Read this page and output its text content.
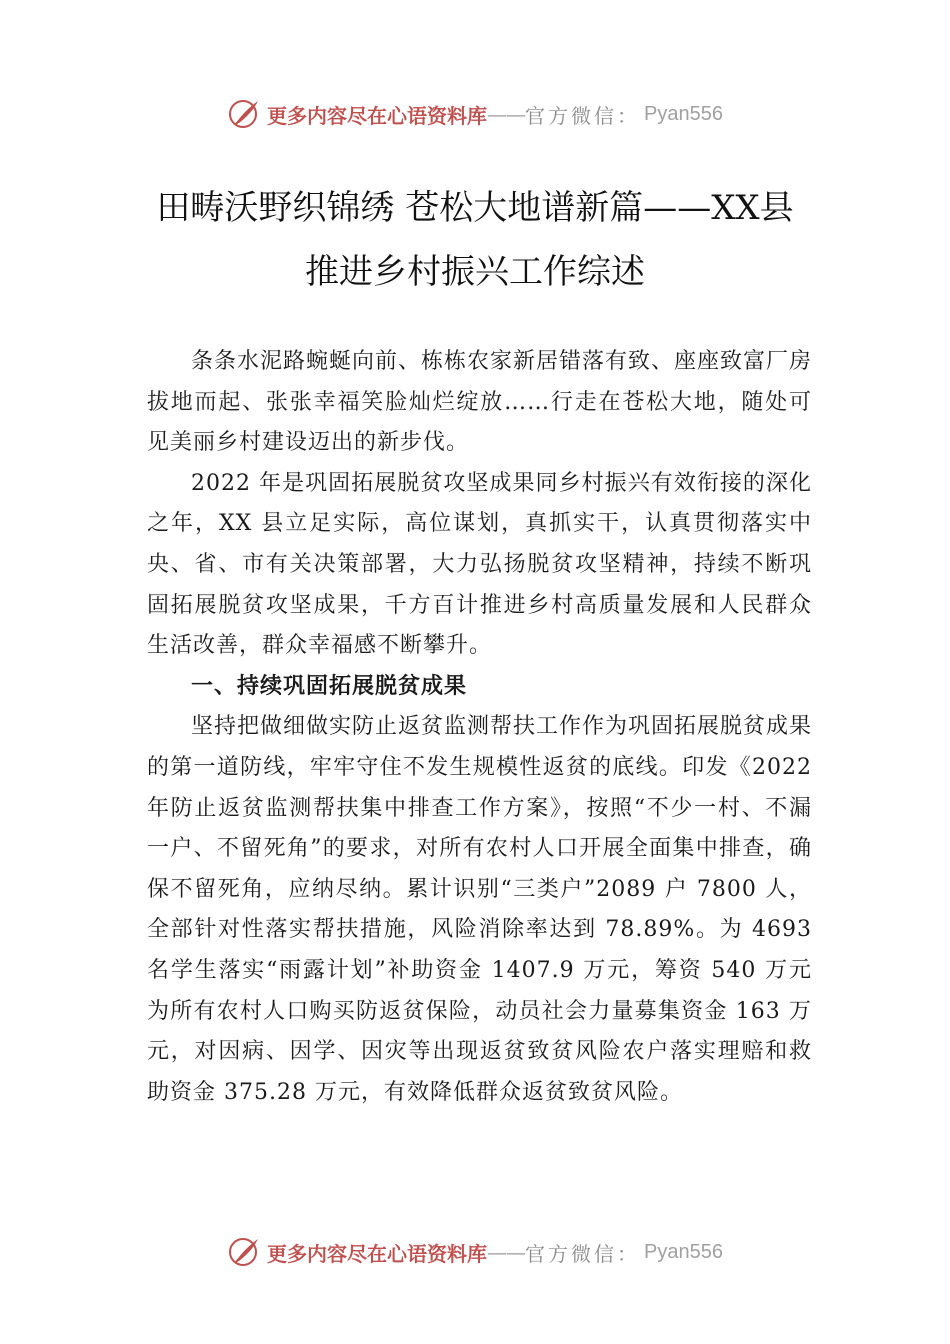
更多内容尽在心语资料库 —— 官方微信： Pyan556
田畴沃野织锦绣 苍松大地谱新篇——XX县推进乡村振兴工作综述

条条水泥路蜿蜒向前、栋栋农家新居错落有致、座座致富厂房拔地而起、张张幸福笑脸灿烂绽放……行走在苍松大地，随处可见美丽乡村建设迈出的新步伐。

2022 年是巩固拓展脱贫攻坚成果同乡村振兴有效衔接的深化之年，XX 县立足实际，高位谋划，真抓实干，认真贯彻落实中央、省、市有关决策部署，大力弘扬脱贫攻坚精神，持续不断巩固拓展脱贫攻坚成果，千方百计推进乡村高质量发展和人民群众生活改善，群众幸福感不断攀升。

一、持续巩固拓展脱贫成果

坚持把做细做实防止返贫监测帮扶工作作为巩固拓展脱贫成果的第一道防线，牢牢守住不发生规模性返贫的底线。印发《2022 年防止返贫监测帮扶集中排查工作方案》，按照“不少一村、不漏一户、不留死角”的要求，对所有农村人口开展全面集中排查，确保不留死角，应纳尽纳。累计识别“三类户”2089 户 7800 人，全部针对性落实帮扶措施，风险消除率达到 78.89%。为 4693 名学生落实“雨露计划”补助资金 1407.9 万元，筹资 540 万元为所有农村人口购买防返贫保险，动员社会力量募集资金 163 万元，对因病、因学、因灾等出现返贫致贫风险农户落实理赔和救助资金 375.28 万元，有效降低群众返贫致贫风险。

更多内容尽在心语资料库 —— 官方微信： Pyan556
